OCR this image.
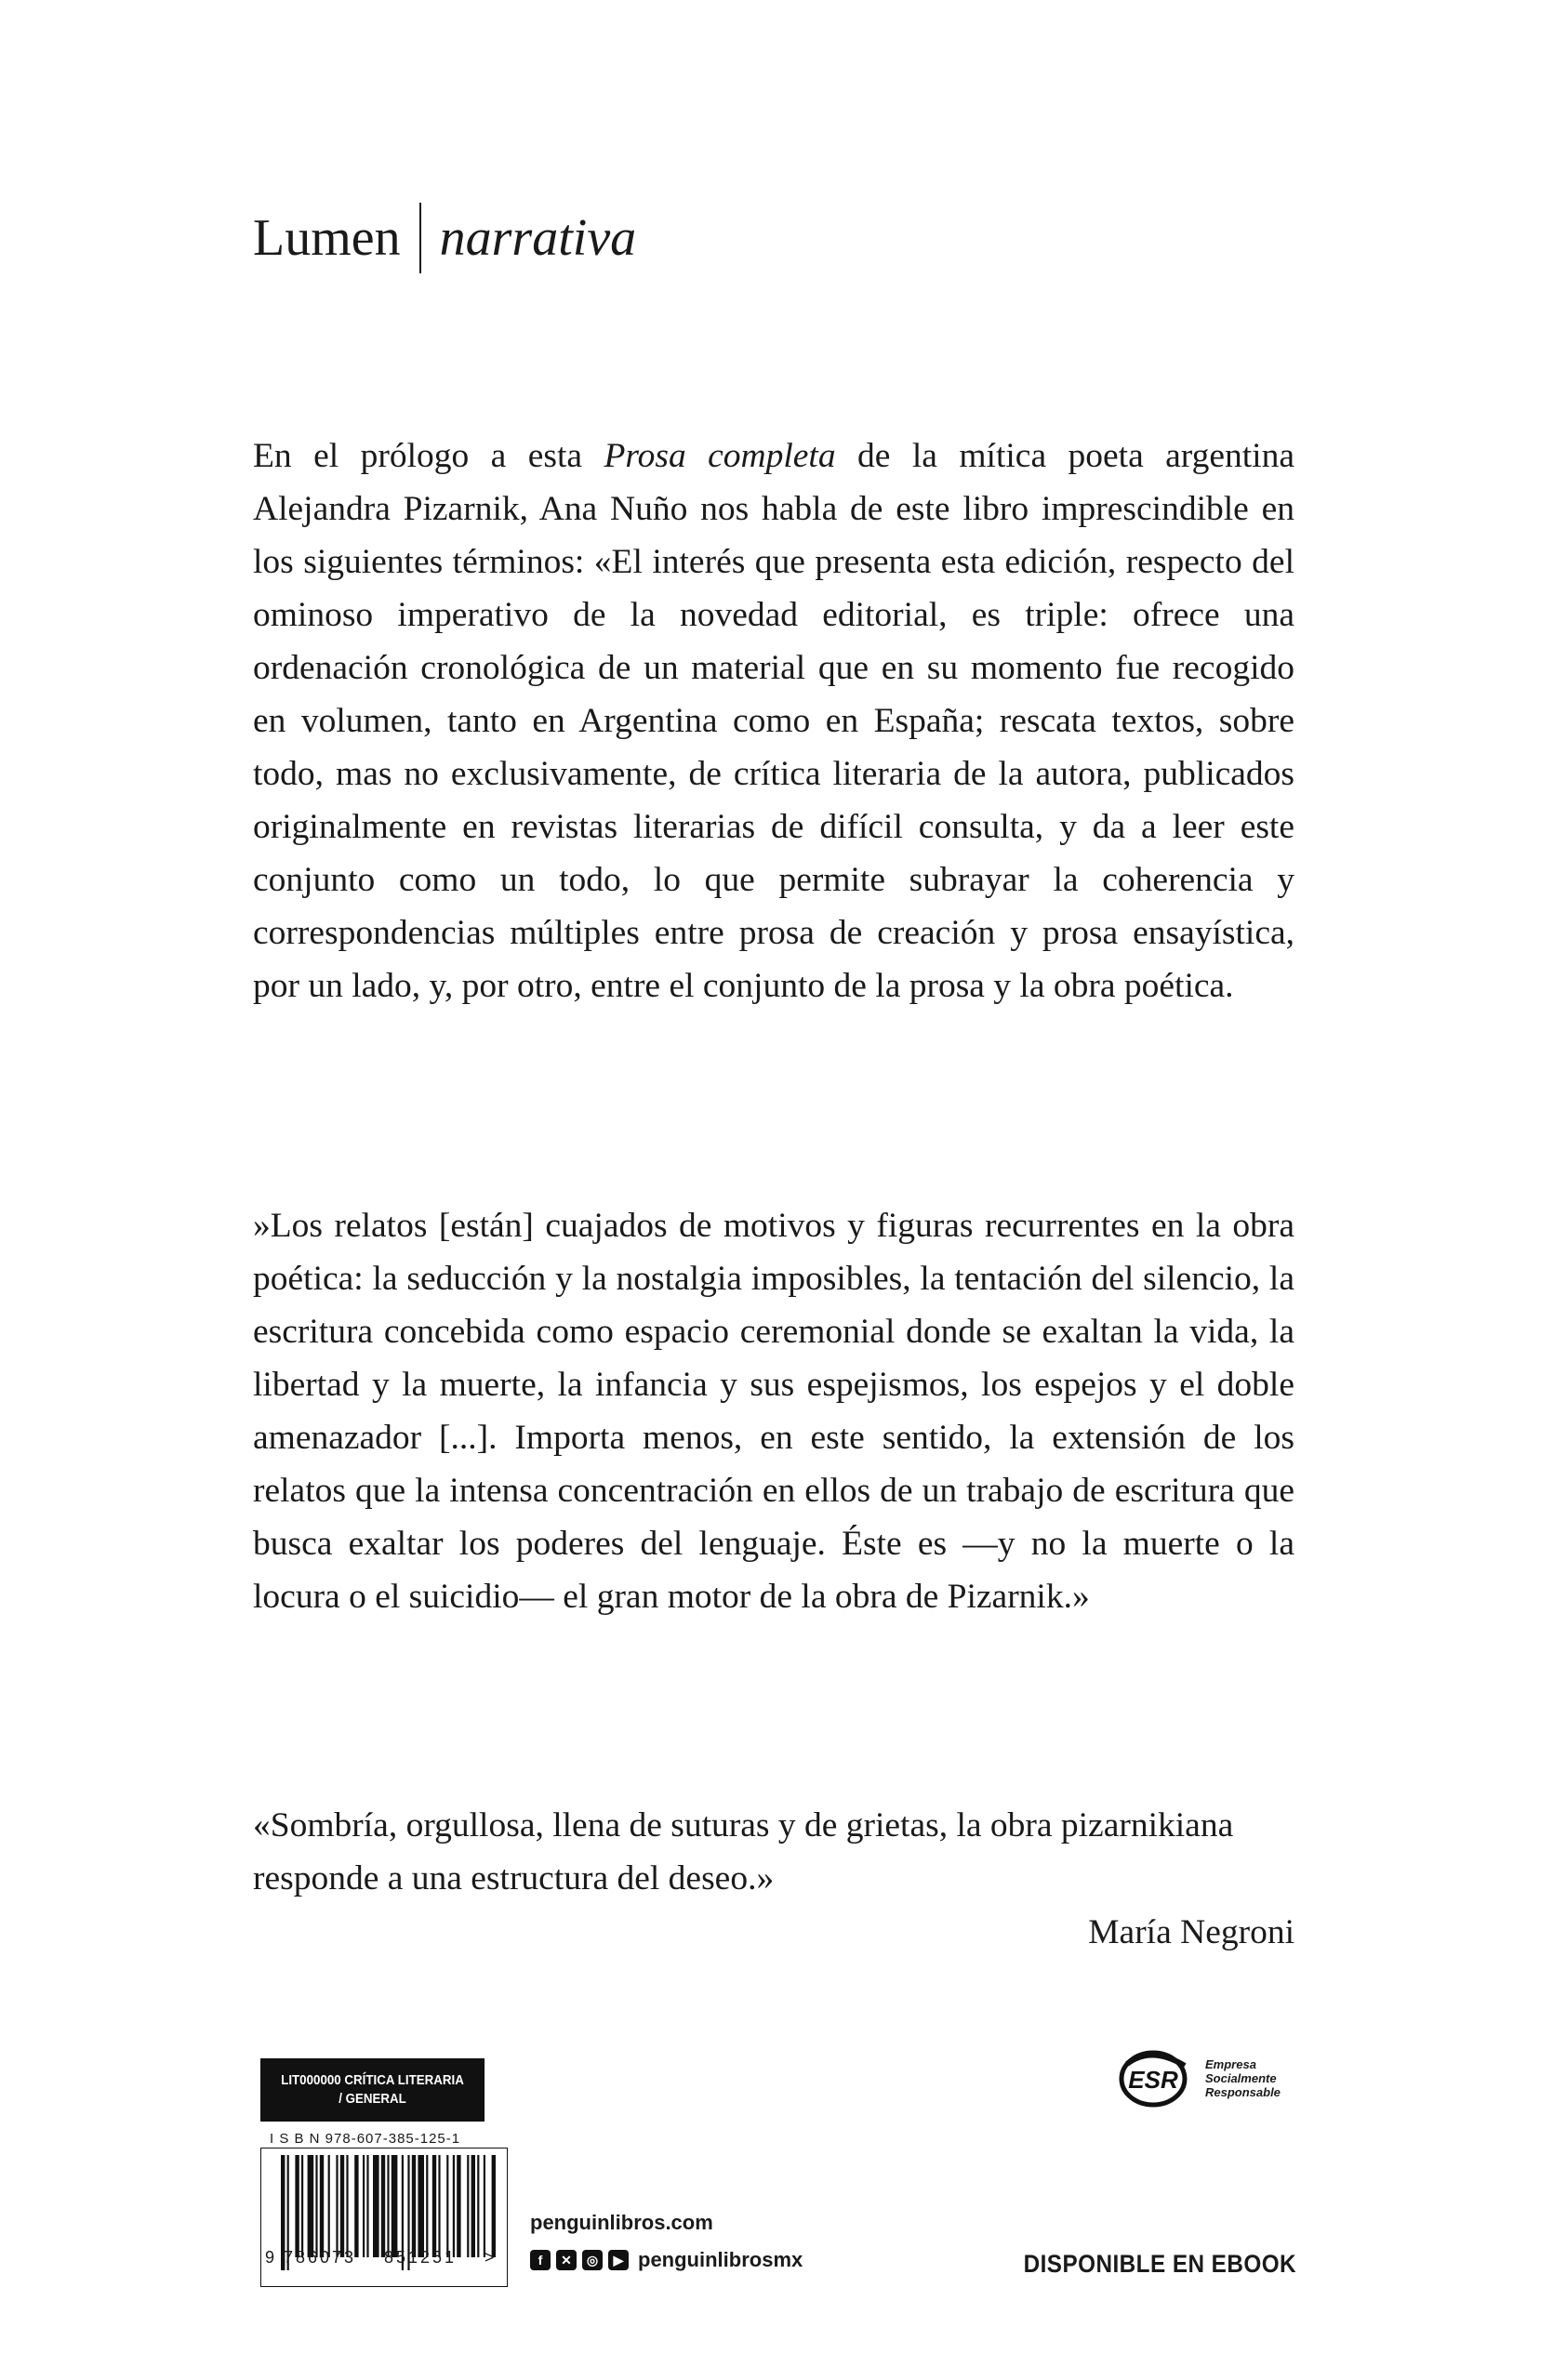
Lumen narrativa
En el prólogo a esta Prosa completa de la mítica poeta argentina Alejandra Pizarnik, Ana Nuño nos habla de este libro imprescindible en los siguientes términos: «El interés que presenta esta edición, respecto del ominoso imperativo de la novedad editorial, es triple: ofrece una ordenación cronológica de un material que en su momento fue recogido en volumen, tanto en Argentina como en España; rescata textos, sobre todo, mas no exclusivamente, de crítica literaria de la autora, publicados originalmente en revistas literarias de difícil consulta, y da a leer este conjunto como un todo, lo que permite subrayar la coherencia y correspondencias múltiples entre prosa de creación y prosa ensayística, por un lado, y, por otro, entre el conjunto de la prosa y la obra poética.
»Los relatos [están] cuajados de motivos y figuras recurrentes en la obra poética: la seducción y la nostalgia imposibles, la tentación del silencio, la escritura concebida como espacio ceremonial donde se exaltan la vida, la libertad y la muerte, la infancia y sus espejismos, los espejos y el doble amenazador [...]. Importa menos, en este sentido, la extensión de los relatos que la intensa concentración en ellos de un trabajo de escritura que busca exaltar los poderes del lenguaje. Éste es —y no la muerte o la locura o el suicidio— el gran motor de la obra de Pizarnik.»
«Sombría, orgullosa, llena de suturas y de grietas, la obra pizarnikiana responde a una estructura del deseo.»
María Negroni
LIT000000 CRÍTICA LITERARIA
/ GENERAL
I S B N 978-607-385-125-1
9 786073	851251	>
penguinlibros.com
f	✕	◎	▶ penguinlibrosmx
ESR
Empresa
Socialmente
Responsable
DISPONIBLE EN EBOOK
